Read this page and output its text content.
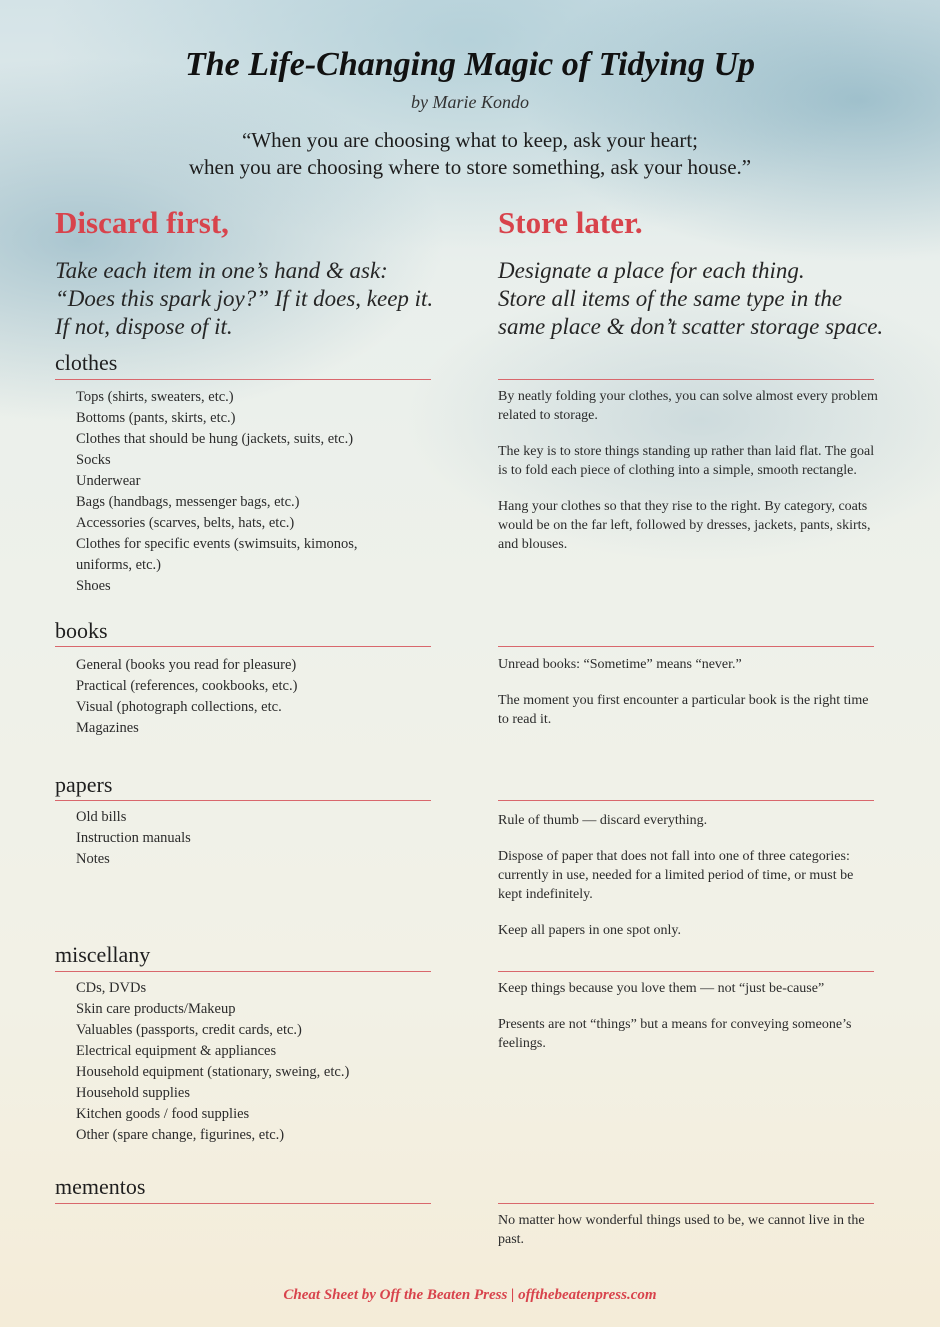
The Life-Changing Magic of Tidying Up
by Marie Kondo
“When you are choosing what to keep, ask your heart;
when you are choosing where to store something, ask your house.”
Discard first,
Take each item in one’s hand & ask:
“Does this spark joy?” If it does, keep it.
If not, dispose of it.
Store later.
Designate a place for each thing.
Store all items of the same type in the
same place & don’t scatter storage space.
clothes
Tops (shirts, sweaters, etc.)
Bottoms (pants, skirts, etc.)
Clothes that should be hung (jackets, suits, etc.)
Socks
Underwear
Bags (handbags, messenger bags, etc.)
Accessories (scarves, belts, hats, etc.)
Clothes for specific events (swimsuits, kimonos, uniforms, etc.)
Shoes

By neatly folding your clothes, you can solve almost every problem related to storage.

The key is to store things standing up rather than laid flat. The goal is to fold each piece of clothing into a simple, smooth rectangle.

Hang your clothes so that they rise to the right. By category, coats would be on the far left, followed by dresses, jackets, pants, skirts, and blouses.

books
General (books you read for pleasure)
Practical (references, cookbooks, etc.)
Visual (photograph collections, etc.
Magazines

Unread books: “Sometime” means “never.”

The moment you first encounter a particular book is the right time to read it.

papers
Old bills
Instruction manuals
Notes

Rule of thumb — discard everything.

Dispose of paper that does not fall into one of three categories: currently in use, needed for a limited period of time, or must be kept indefinitely.

Keep all papers in one spot only.

miscellany
CDs, DVDs
Skin care products/Makeup
Valuables (passports, credit cards, etc.)
Electrical equipment & appliances
Household equipment (stationary, sweing, etc.)
Household supplies
Kitchen goods / food supplies
Other (spare change, figurines, etc.)

Keep things because you love them — not “just be-cause”

Presents are not “things” but a means for conveying someone’s feelings.

mementos

No matter how wonderful things used to be, we cannot live in the past.

Cheat Sheet by Off the Beaten Press | offthebeatenpress.com
